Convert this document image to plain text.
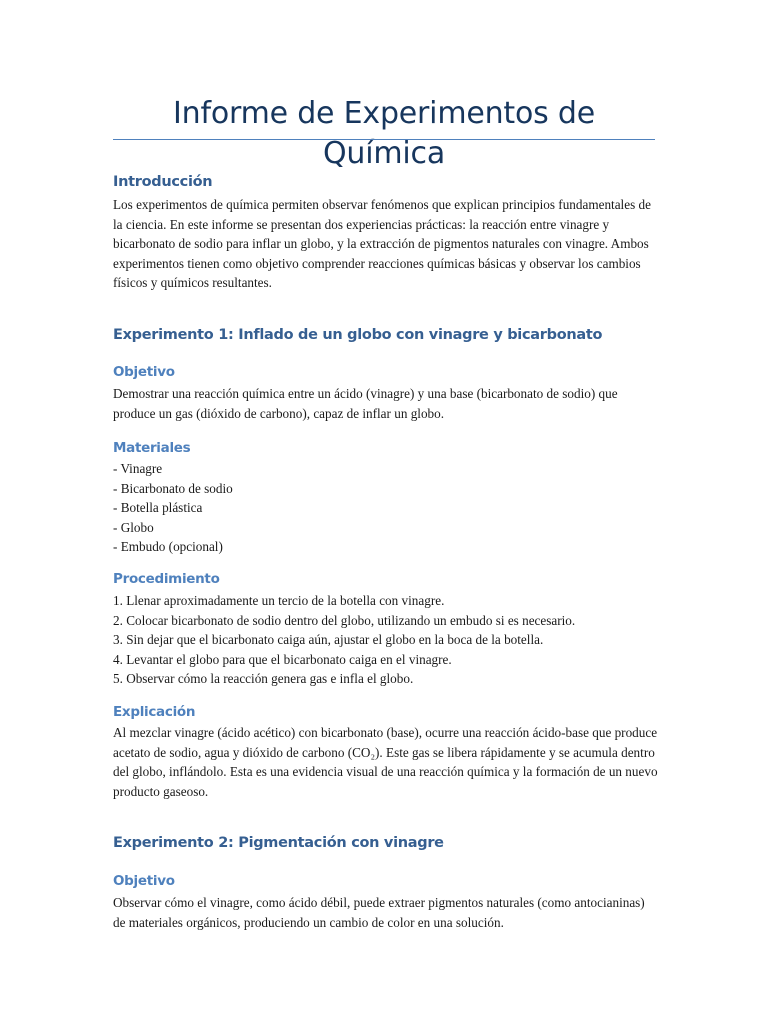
Informe de Experimentos de Química
Introducción

Los experimentos de química permiten observar fenómenos que explican principios fundamentales de la ciencia. En este informe se presentan dos experiencias prácticas: la reacción entre vinagre y bicarbonato de sodio para inflar un globo, y la extracción de pigmentos naturales con vinagre. Ambos experimentos tienen como objetivo comprender reacciones químicas básicas y observar los cambios físicos y químicos resultantes.

Experimento 1: Inflado de un globo con vinagre y bicarbonato
Objetivo

Demostrar una reacción química entre un ácido (vinagre) y una base (bicarbonato de sodio) que produce un gas (dióxido de carbono), capaz de inflar un globo.

Materiales
- Vinagre
- Bicarbonato de sodio
- Botella plástica
- Globo
- Embudo (opcional)
Procedimiento
1. Llenar aproximadamente un tercio de la botella con vinagre.
2. Colocar bicarbonato de sodio dentro del globo, utilizando un embudo si es necesario.
3. Sin dejar que el bicarbonato caiga aún, ajustar el globo en la boca de la botella.
4. Levantar el globo para que el bicarbonato caiga en el vinagre.
5. Observar cómo la reacción genera gas e infla el globo.
Explicación

Al mezclar vinagre (ácido acético) con bicarbonato (base), ocurre una reacción ácido-base que produce acetato de sodio, agua y dióxido de carbono (CO₂). Este gas se libera rápidamente y se acumula dentro del globo, inflándolo. Esta es una evidencia visual de una reacción química y la formación de un nuevo producto gaseoso.

Experimento 2: Pigmentación con vinagre
Objetivo

Observar cómo el vinagre, como ácido débil, puede extraer pigmentos naturales (como antocianinas) de materiales orgánicos, produciendo un cambio de color en una solución.
